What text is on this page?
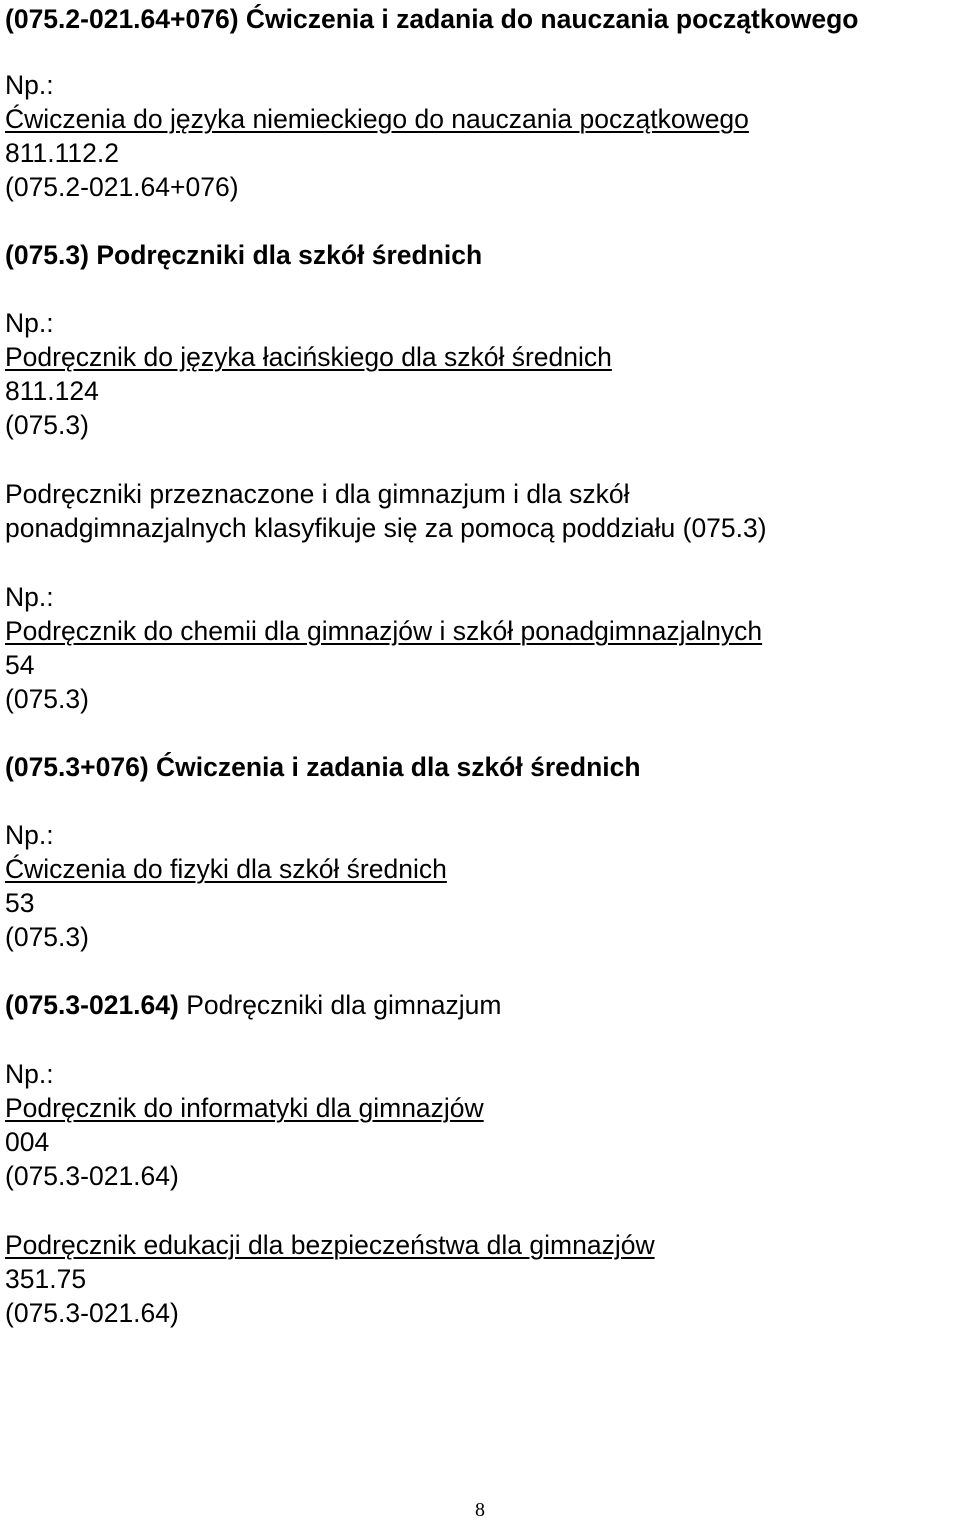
(075.2-021.64+076) Ćwiczenia i zadania do nauczania początkowego
Np.:
Ćwiczenia do języka niemieckiego do nauczania początkowego
811.112.2
(075.2-021.64+076)
(075.3) Podręczniki dla szkół średnich
Np.:
Podręcznik do języka łacińskiego dla szkół średnich
811.124
(075.3)
Podręczniki przeznaczone i dla gimnazjum i dla szkół
ponadgimnazjalnych klasyfikuje się za pomocą poddziału (075.3)
Np.:
Podręcznik do chemii dla gimnazjów i szkół ponadgimnazjalnych
54
(075.3)
(075.3+076) Ćwiczenia i zadania dla szkół średnich
Np.:
Ćwiczenia do fizyki dla szkół średnich
53
(075.3)
(075.3-021.64) Podręczniki dla gimnazjum
Np.:
Podręcznik do informatyki dla gimnazjów
004
(075.3-021.64)
Podręcznik edukacji dla bezpieczeństwa dla gimnazjów
351.75
(075.3-021.64)
8
